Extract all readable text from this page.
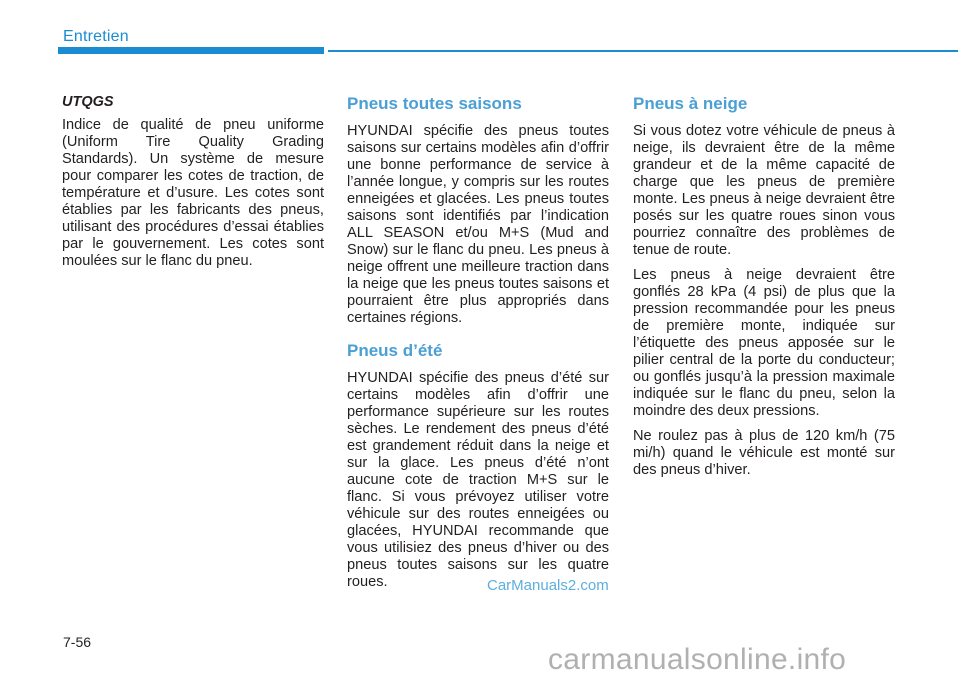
Entretien
UTQGS

Indice de qualité de pneu uniforme (Uniform Tire Quality Grading Standards). Un système de mesure pour comparer les cotes de traction, de température et d’usure. Les cotes sont établies par les fabricants des pneus, utilisant des procédures d’essai établies par le gouvernement. Les cotes sont moulées sur le flanc du pneu.

Pneus toutes saisons

HYUNDAI spécifie des pneus toutes saisons sur certains modèles afin d’offrir une bonne performance de service à l’année longue, y compris sur les routes enneigées et glacées. Les pneus toutes saisons sont identifiés par l’indication ALL SEASON et/ou M+S (Mud and Snow) sur le flanc du pneu. Les pneus à neige offrent une meilleure traction dans la neige que les pneus toutes saisons et pourraient être plus appropriés dans certaines régions.

Pneus d’été

HYUNDAI spécifie des pneus d’été sur certains modèles afin d’offrir une performance supérieure sur les routes sèches. Le rendement des pneus d’été est grandement réduit dans la neige et sur la glace. Les pneus d’été n’ont aucune cote de traction M+S sur le flanc. Si vous prévoyez utiliser votre véhicule sur des routes enneigées ou glacées, HYUNDAI recommande que vous utilisiez des pneus d’hiver ou des pneus toutes saisons sur les quatre roues.

Pneus à neige

Si vous dotez votre véhicule de pneus à neige, ils devraient être de la même grandeur et de la même capacité de charge que les pneus de première monte. Les pneus à neige devraient être posés sur les quatre roues sinon vous pourriez connaître des problèmes de tenue de route.

Les pneus à neige devraient être gonflés 28 kPa (4 psi) de plus que la pression recommandée pour les pneus de première monte, indiquée sur l’étiquette des pneus apposée sur le pilier central de la porte du conducteur; ou gonflés jusqu’à la pression maximale indiquée sur le flanc du pneu, selon la moindre des deux pressions.

Ne roulez pas à plus de 120 km/h (75 mi/h) quand le véhicule est monté sur des pneus d’hiver.

7-56
CarManuals2.com
carmanualsonline.info
